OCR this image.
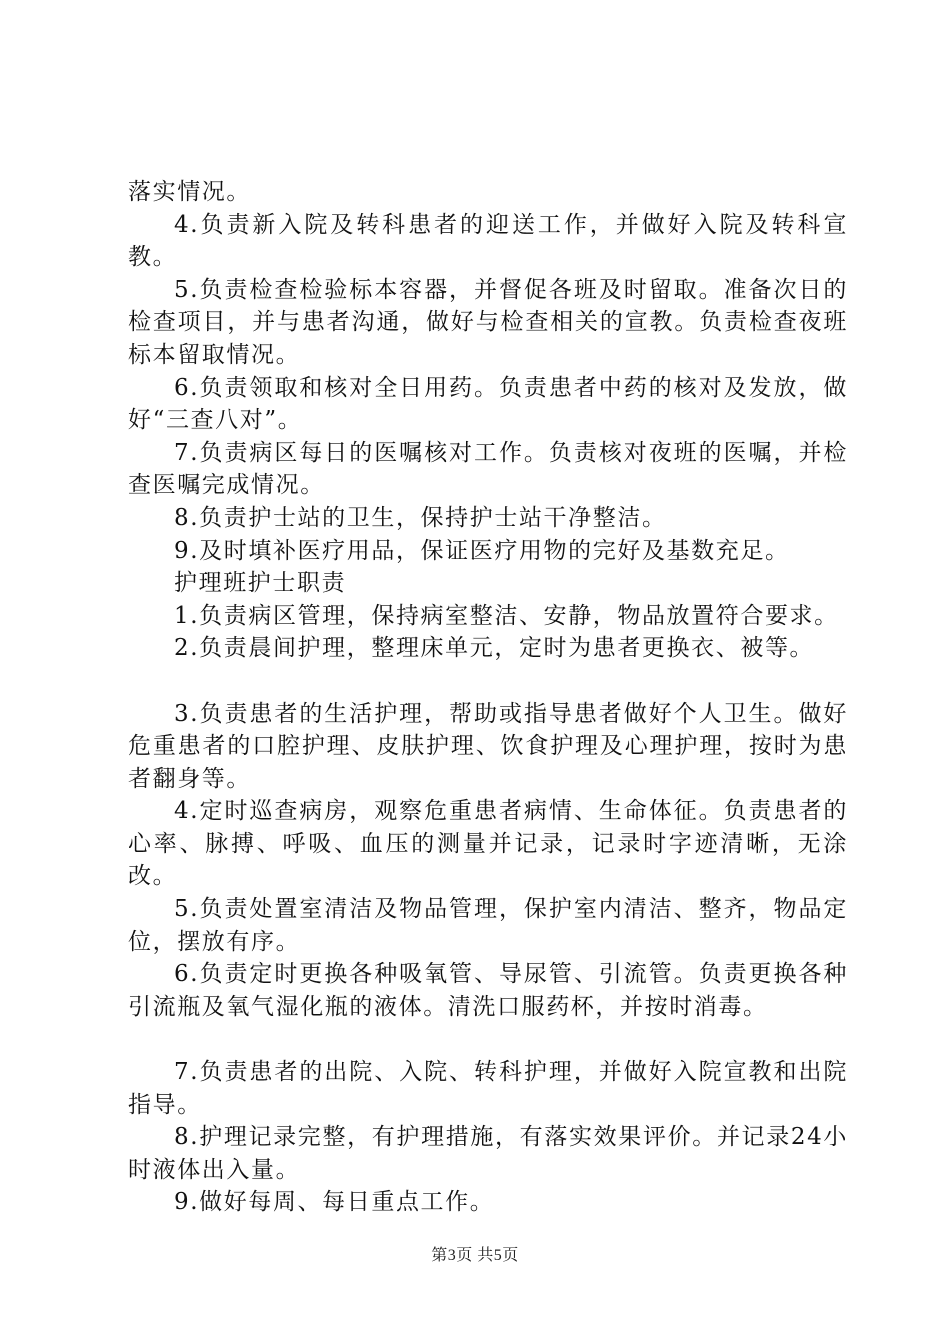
落实情况。

4.负责新入院及转科患者的迎送工作，并做好入院及转科宣教。

5.负责检查检验标本容器，并督促各班及时留取。准备次日的检查项目，并与患者沟通，做好与检查相关的宣教。负责检查夜班标本留取情况。

6.负责领取和核对全日用药。负责患者中药的核对及发放，做好“三查八对”。

7.负责病区每日的医嘱核对工作。负责核对夜班的医嘱，并检查医嘱完成情况。

8.负责护士站的卫生，保持护士站干净整洁。

9.及时填补医疗用品，保证医疗用物的完好及基数充足。

护理班护士职责

1.负责病区管理，保持病室整洁、安静，物品放置符合要求。

2.负责晨间护理，整理床单元，定时为患者更换衣、被等。

3.负责患者的生活护理，帮助或指导患者做好个人卫生。做好危重患者的口腔护理、皮肤护理、饮食护理及心理护理，按时为患者翻身等。

4.定时巡查病房，观察危重患者病情、生命体征。负责患者的心率、脉搏、呼吸、血压的测量并记录，记录时字迹清晰，无涂改。

5.负责处置室清洁及物品管理，保护室内清洁、整齐，物品定位，摆放有序。

6.负责定时更换各种吸氧管、导尿管、引流管。负责更换各种引流瓶及氧气湿化瓶的液体。清洗口服药杯，并按时消毒。

7.负责患者的出院、入院、转科护理，并做好入院宣教和出院指导。

8.护理记录完整，有护理措施，有落实效果评价。并记录24小时液体出入量。

9.做好每周、每日重点工作。

第3页 共5页
